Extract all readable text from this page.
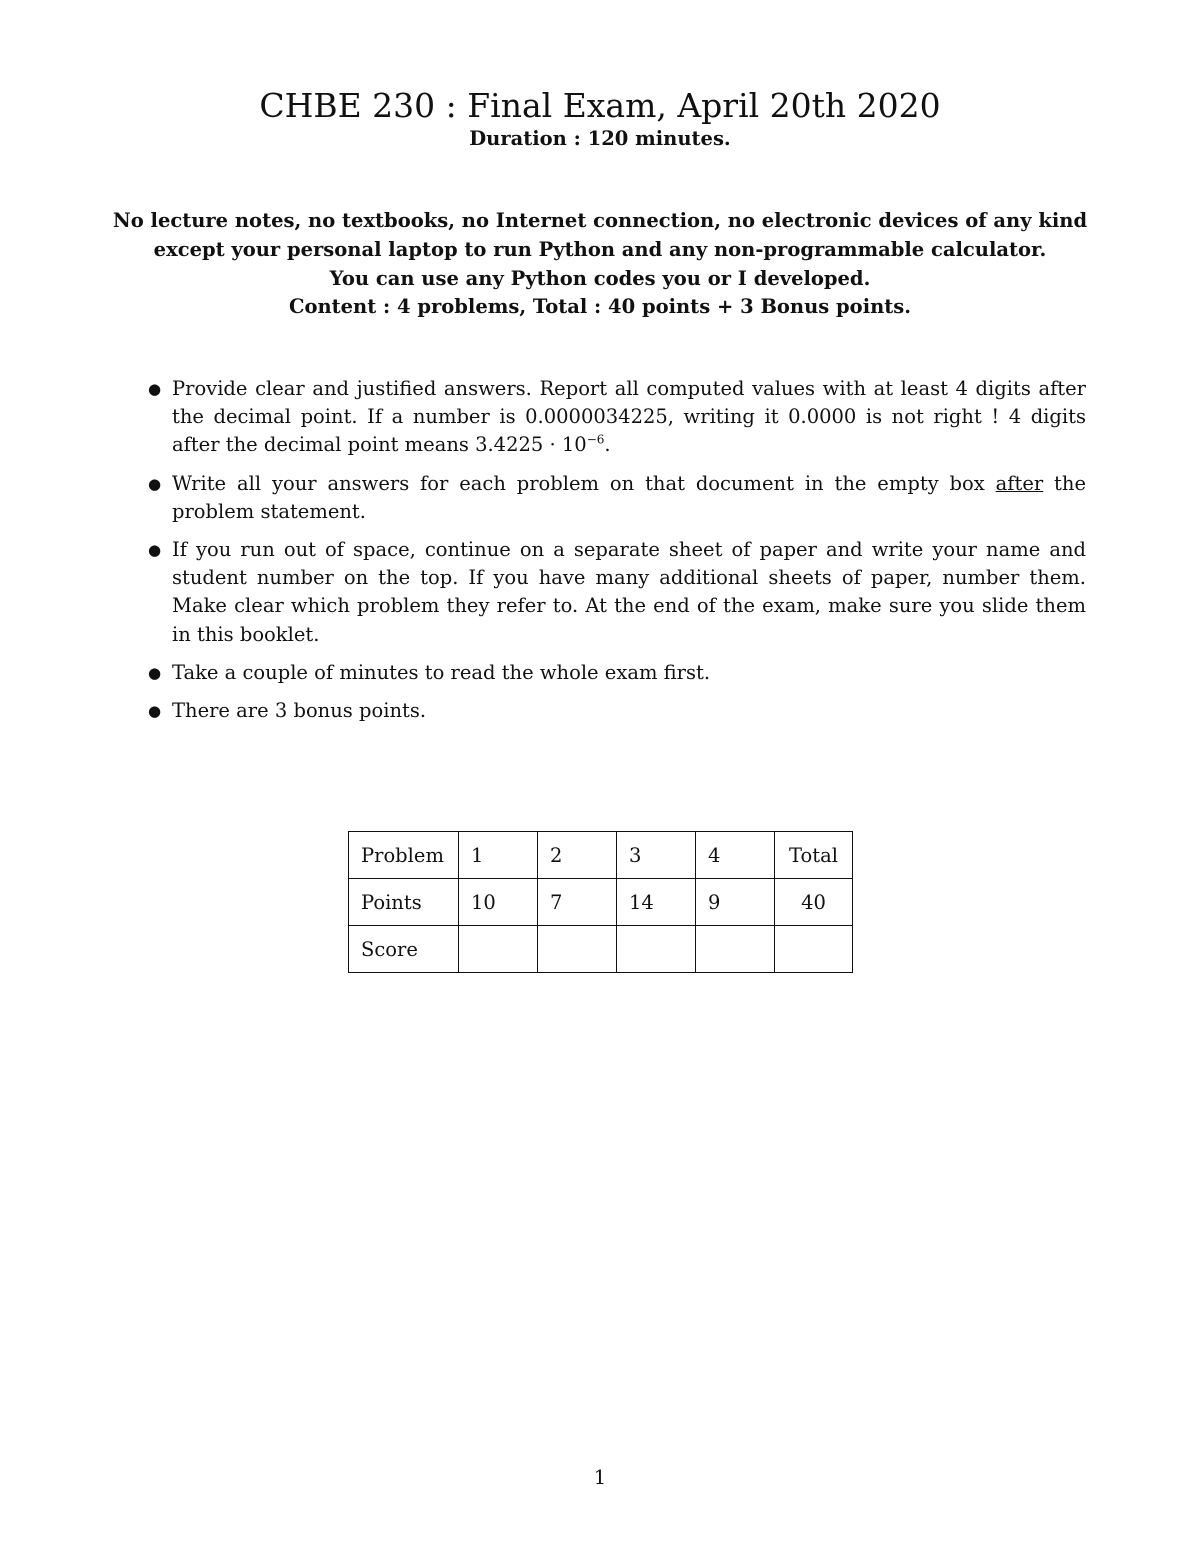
CHBE 230 : Final Exam, April 20th 2020
Duration : 120 minutes.

No lecture notes, no textbooks, no Internet connection, no electronic devices of any kind except your personal laptop to run Python and any non-programmable calculator.

You can use any Python codes you or I developed.

Content : 4 problems, Total : 40 points + 3 Bonus points.

● Provide clear and justified answers. Report all computed values with at least 4 digits after the decimal point. If a number is 0.0000034225, writing it 0.0000 is not right ! 4 digits after the decimal point means $3.4225 \cdot 10^{-6}$.
● Write all your answers for each problem on that document in the empty box after the problem statement.
● If you run out of space, continue on a separate sheet of paper and write your name and student number on the top. If you have many additional sheets of paper, number them. Make clear which problem they refer to. At the end of the exam, make sure you slide them in this booklet.
● Take a couple of minutes to read the whole exam first.
● There are 3 bonus points.
Problem	1	2	3	4	Total
Points	10	7	14	9	40
Score					
1
